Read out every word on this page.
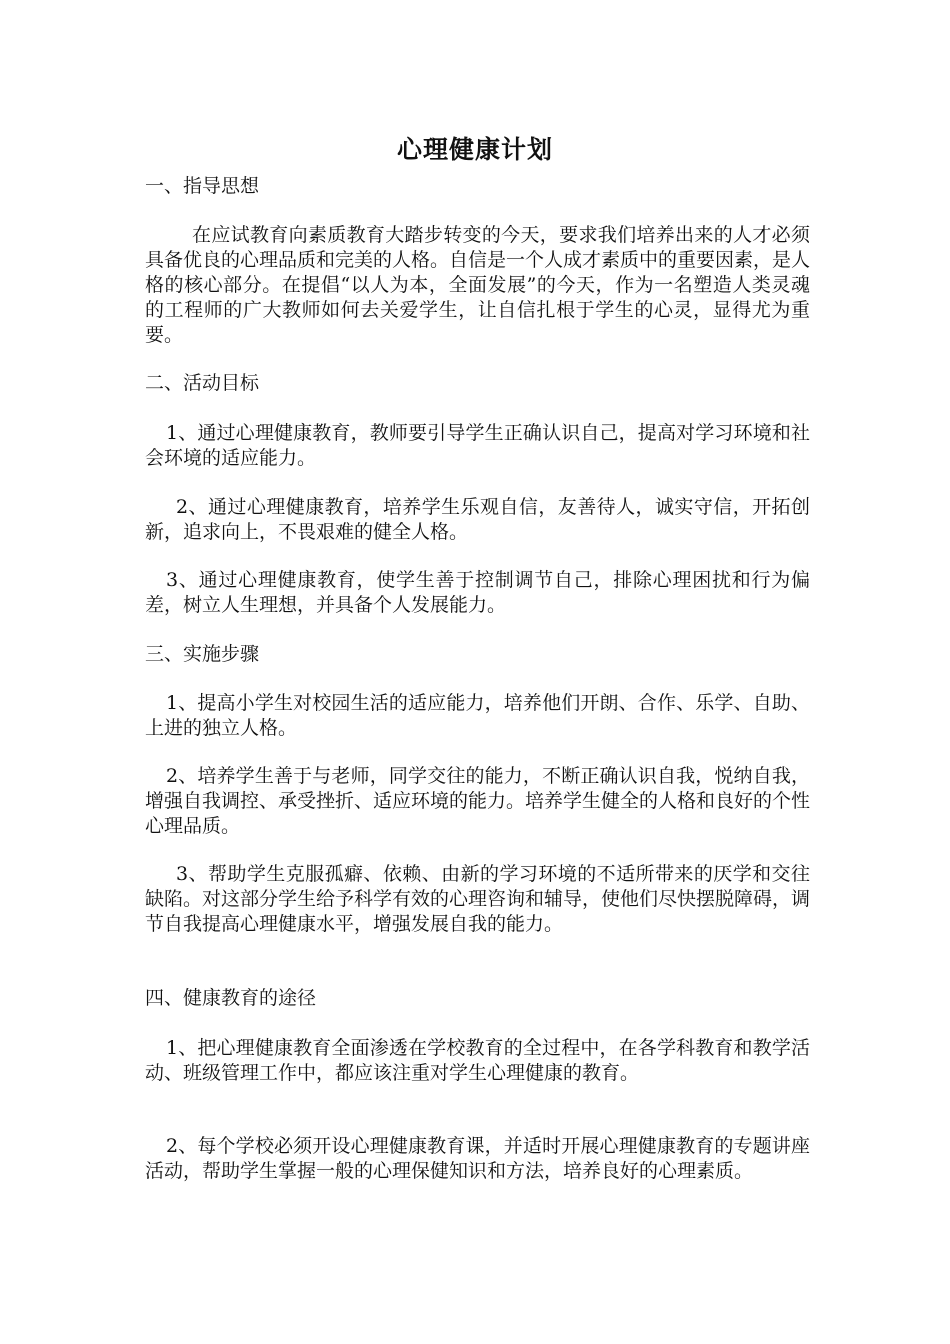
心理健康计划
一、指导思想
在应试教育向素质教育大踏步转变的今天，要求我们培养出来的人才必须具备优良的心理品质和完美的人格。自信是一个人成才素质中的重要因素，是人格的核心部分。在提倡“以人为本，全面发展”的今天，作为一名塑造人类灵魂的工程师的广大教师如何去关爱学生，让自信扎根于学生的心灵，显得尤为重要。
二、活动目标
1、通过心理健康教育，教师要引导学生正确认识自己，提高对学习环境和社会环境的适应能力。
2、通过心理健康教育，培养学生乐观自信，友善待人，诚实守信，开拓创新，追求向上，不畏艰难的健全人格。
3、通过心理健康教育，使学生善于控制调节自己，排除心理困扰和行为偏差，树立人生理想，并具备个人发展能力。
三、实施步骤
1、提高小学生对校园生活的适应能力，培养他们开朗、合作、乐学、自助、上进的独立人格。
2、培养学生善于与老师，同学交往的能力，不断正确认识自我，悦纳自我，增强自我调控、承受挫折、适应环境的能力。培养学生健全的人格和良好的个性心理品质。
3、帮助学生克服孤癖、依赖、由新的学习环境的不适所带来的厌学和交往缺陷。对这部分学生给予科学有效的心理咨询和辅导，使他们尽快摆脱障碍，调节自我提高心理健康水平，增强发展自我的能力。
四、健康教育的途径
1、把心理健康教育全面渗透在学校教育的全过程中，在各学科教育和教学活动、班级管理工作中，都应该注重对学生心理健康的教育。
2、每个学校必须开设心理健康教育课，并适时开展心理健康教育的专题讲座活动，帮助学生掌握一般的心理保健知识和方法，培养良好的心理素质。
